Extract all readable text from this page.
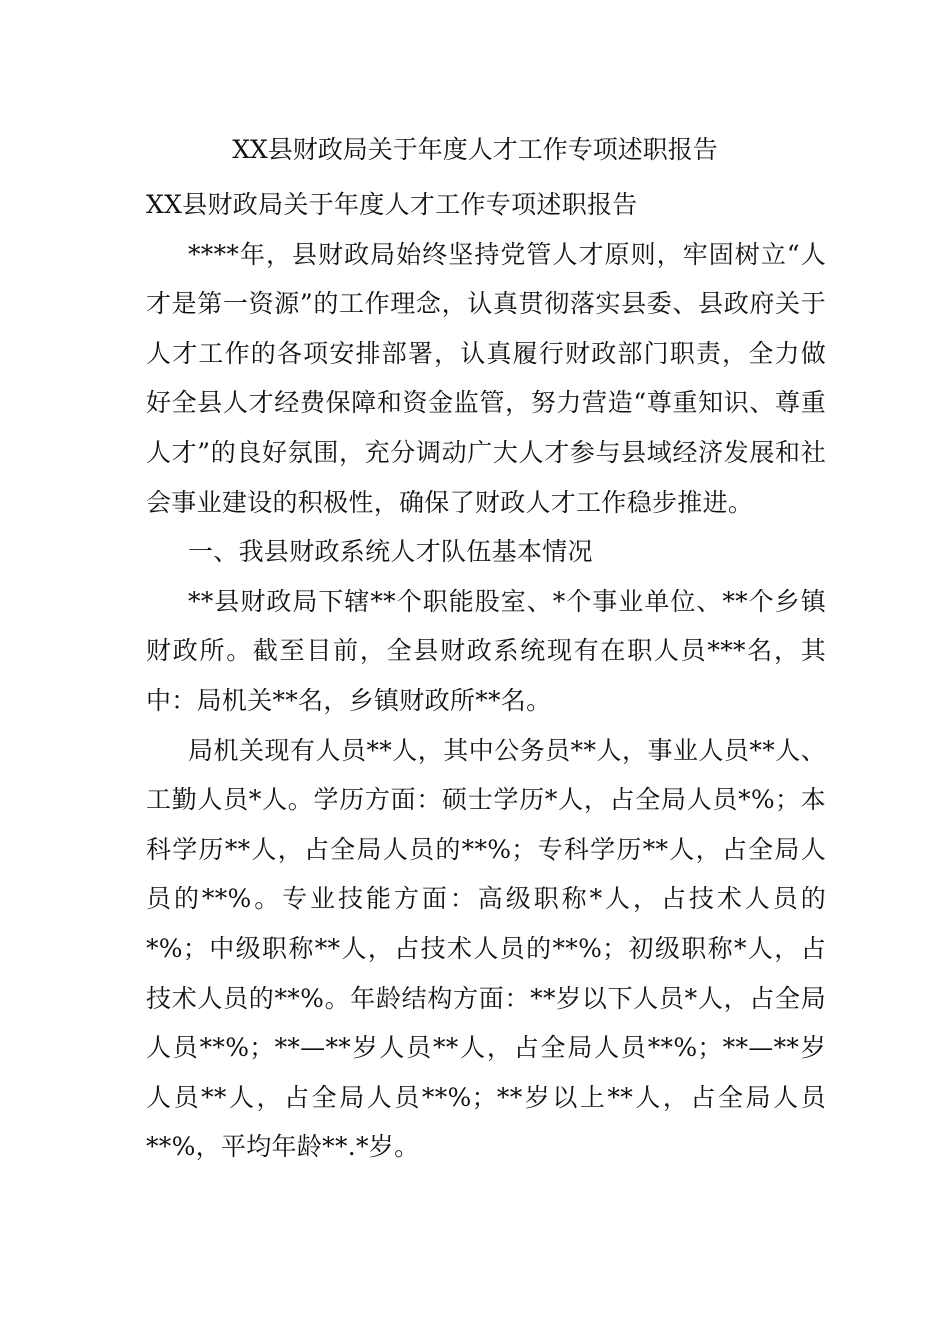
XX县财政局关于年度人才工作专项述职报告

XX县财政局关于年度人才工作专项述职报告

****年，县财政局始终坚持党管人才原则，牢固树立“人才是第一资源”的工作理念，认真贯彻落实县委、县政府关于人才工作的各项安排部署，认真履行财政部门职责，全力做好全县人才经费保障和资金监管，努力营造“尊重知识、尊重人才”的良好氛围，充分调动广大人才参与县域经济发展和社会事业建设的积极性，确保了财政人才工作稳步推进。

一、我县财政系统人才队伍基本情况

**县财政局下辖**个职能股室、*个事业单位、**个乡镇财政所。截至目前，全县财政系统现有在职人员***名，其中：局机关**名，乡镇财政所**名。

局机关现有人员**人，其中公务员**人，事业人员**人、工勤人员*人。学历方面：硕士学历*人，占全局人员*%；本科学历**人，占全局人员的**%；专科学历**人，占全局人员的**%。专业技能方面：高级职称*人，占技术人员的*%；中级职称**人，占技术人员的**%；初级职称*人，占技术人员的**%。年龄结构方面：**岁以下人员*人，占全局人员**%；**—**岁人员**人，占全局人员**%；**—**岁人员**人，占全局人员**%；**岁以上**人，占全局人员**%，平均年龄**.*岁。
